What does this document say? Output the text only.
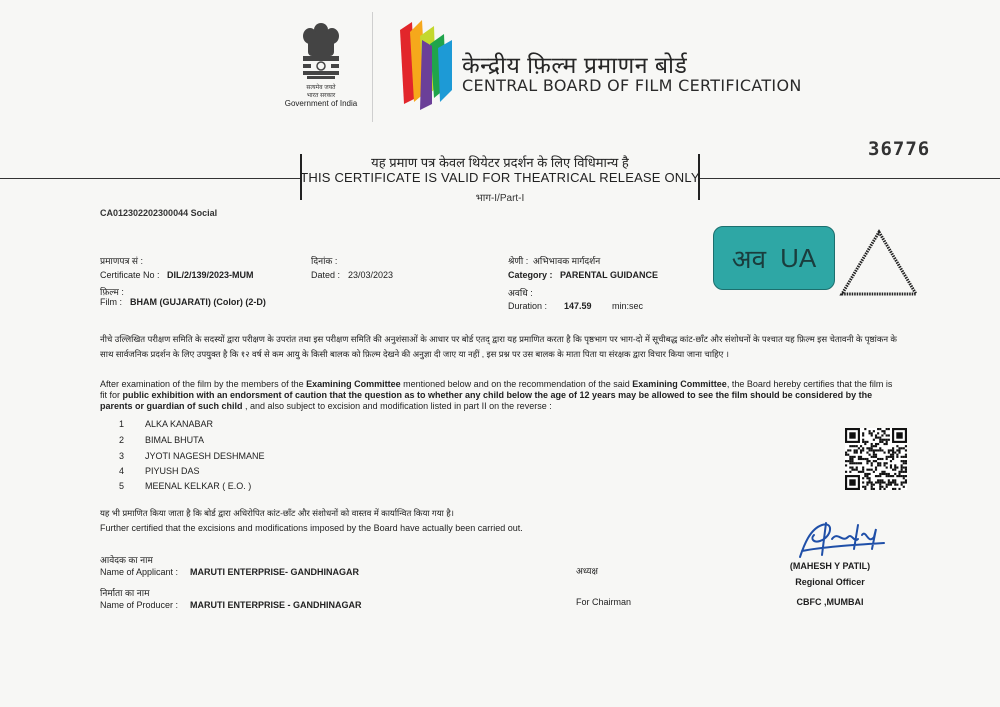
सत्यमेव जयते
भारत सरकार
Government of India
केन्द्रीय फ़िल्म प्रमाणन बोर्ड
CENTRAL BOARD OF FILM CERTIFICATION
36776
यह प्रमाण पत्र केवल थियेटर प्रदर्शन के लिए विधिमान्य है
THIS CERTIFICATE IS VALID FOR THEATRICAL RELEASE ONLY
भाग-I/Part-I
CA012302202300044 Social
प्रमाणपत्र सं :
Certificate No : DIL/2/139/2023-MUM
दिनांक :
Dated : 23/03/2023
श्रेणी : अभिभावक मार्गदर्शन
Category : PARENTAL GUIDANCE
फ़िल्म :
Film : BHAM (GUJARATI) (Color) (2-D)
अवधि :
Duration : 147.59 min:sec
अव UA
नीचे उल्लिखित परीक्षण समिति के सदस्यों द्वारा परीक्षण के उपरांत तथा इस परीक्षण समिति की अनुशंसाओं के आधार पर बोर्ड एतद् द्वारा यह प्रमाणित करता है कि पृष्ठभाग पर भाग-दो में सूचीबद्ध कांट-छाँट और संशोधनों के पश्चात यह फ़िल्म इस चेतावनी के पृष्ठांकन के साथ सार्वजनिक प्रदर्शन के लिए उपयुक्त है कि १२ वर्ष से कम आयु के किसी बालक को फ़िल्म देखने की अनुज्ञा दी जाए या नहीं , इस प्रश्न पर उस बालक के माता पिता या संरक्षक द्वारा विचार किया जाना चाहिए ।
After examination of the film by the members of the Examining Committee mentioned below and on the recommendation of the said Examining Committee, the Board hereby certifies that the film is fit for public exhibition with an endorsment of caution that the question as to whether any child below the age of 12 years may be allowed to see the film should be considered by the parents or guardian of such child , and also subject to excision and modification listed in part II on the reverse :
1	ALKA KANABAR
2	BIMAL BHUTA
3	JYOTI NAGESH DESHMANE
4	PIYUSH DAS
5	MEENAL KELKAR ( E.O. )
यह भी प्रमाणित किया जाता है कि बोर्ड द्वारा अधिरोपित कांट-छाँट और संशोधनों को वास्तव में कार्यान्वित किया गया है।
Further certified that the excisions and modifications imposed by the Board have actually been carried out.
आवेदक का नाम
Name of Applicant : MARUTI ENTERPRISE- GANDHINAGAR
निर्माता का नाम
Name of Producer : MARUTI ENTERPRISE - GANDHINAGAR
अध्यक्ष
For Chairman
(MAHESH Y PATIL)
Regional Officer
CBFC ,MUMBAI
